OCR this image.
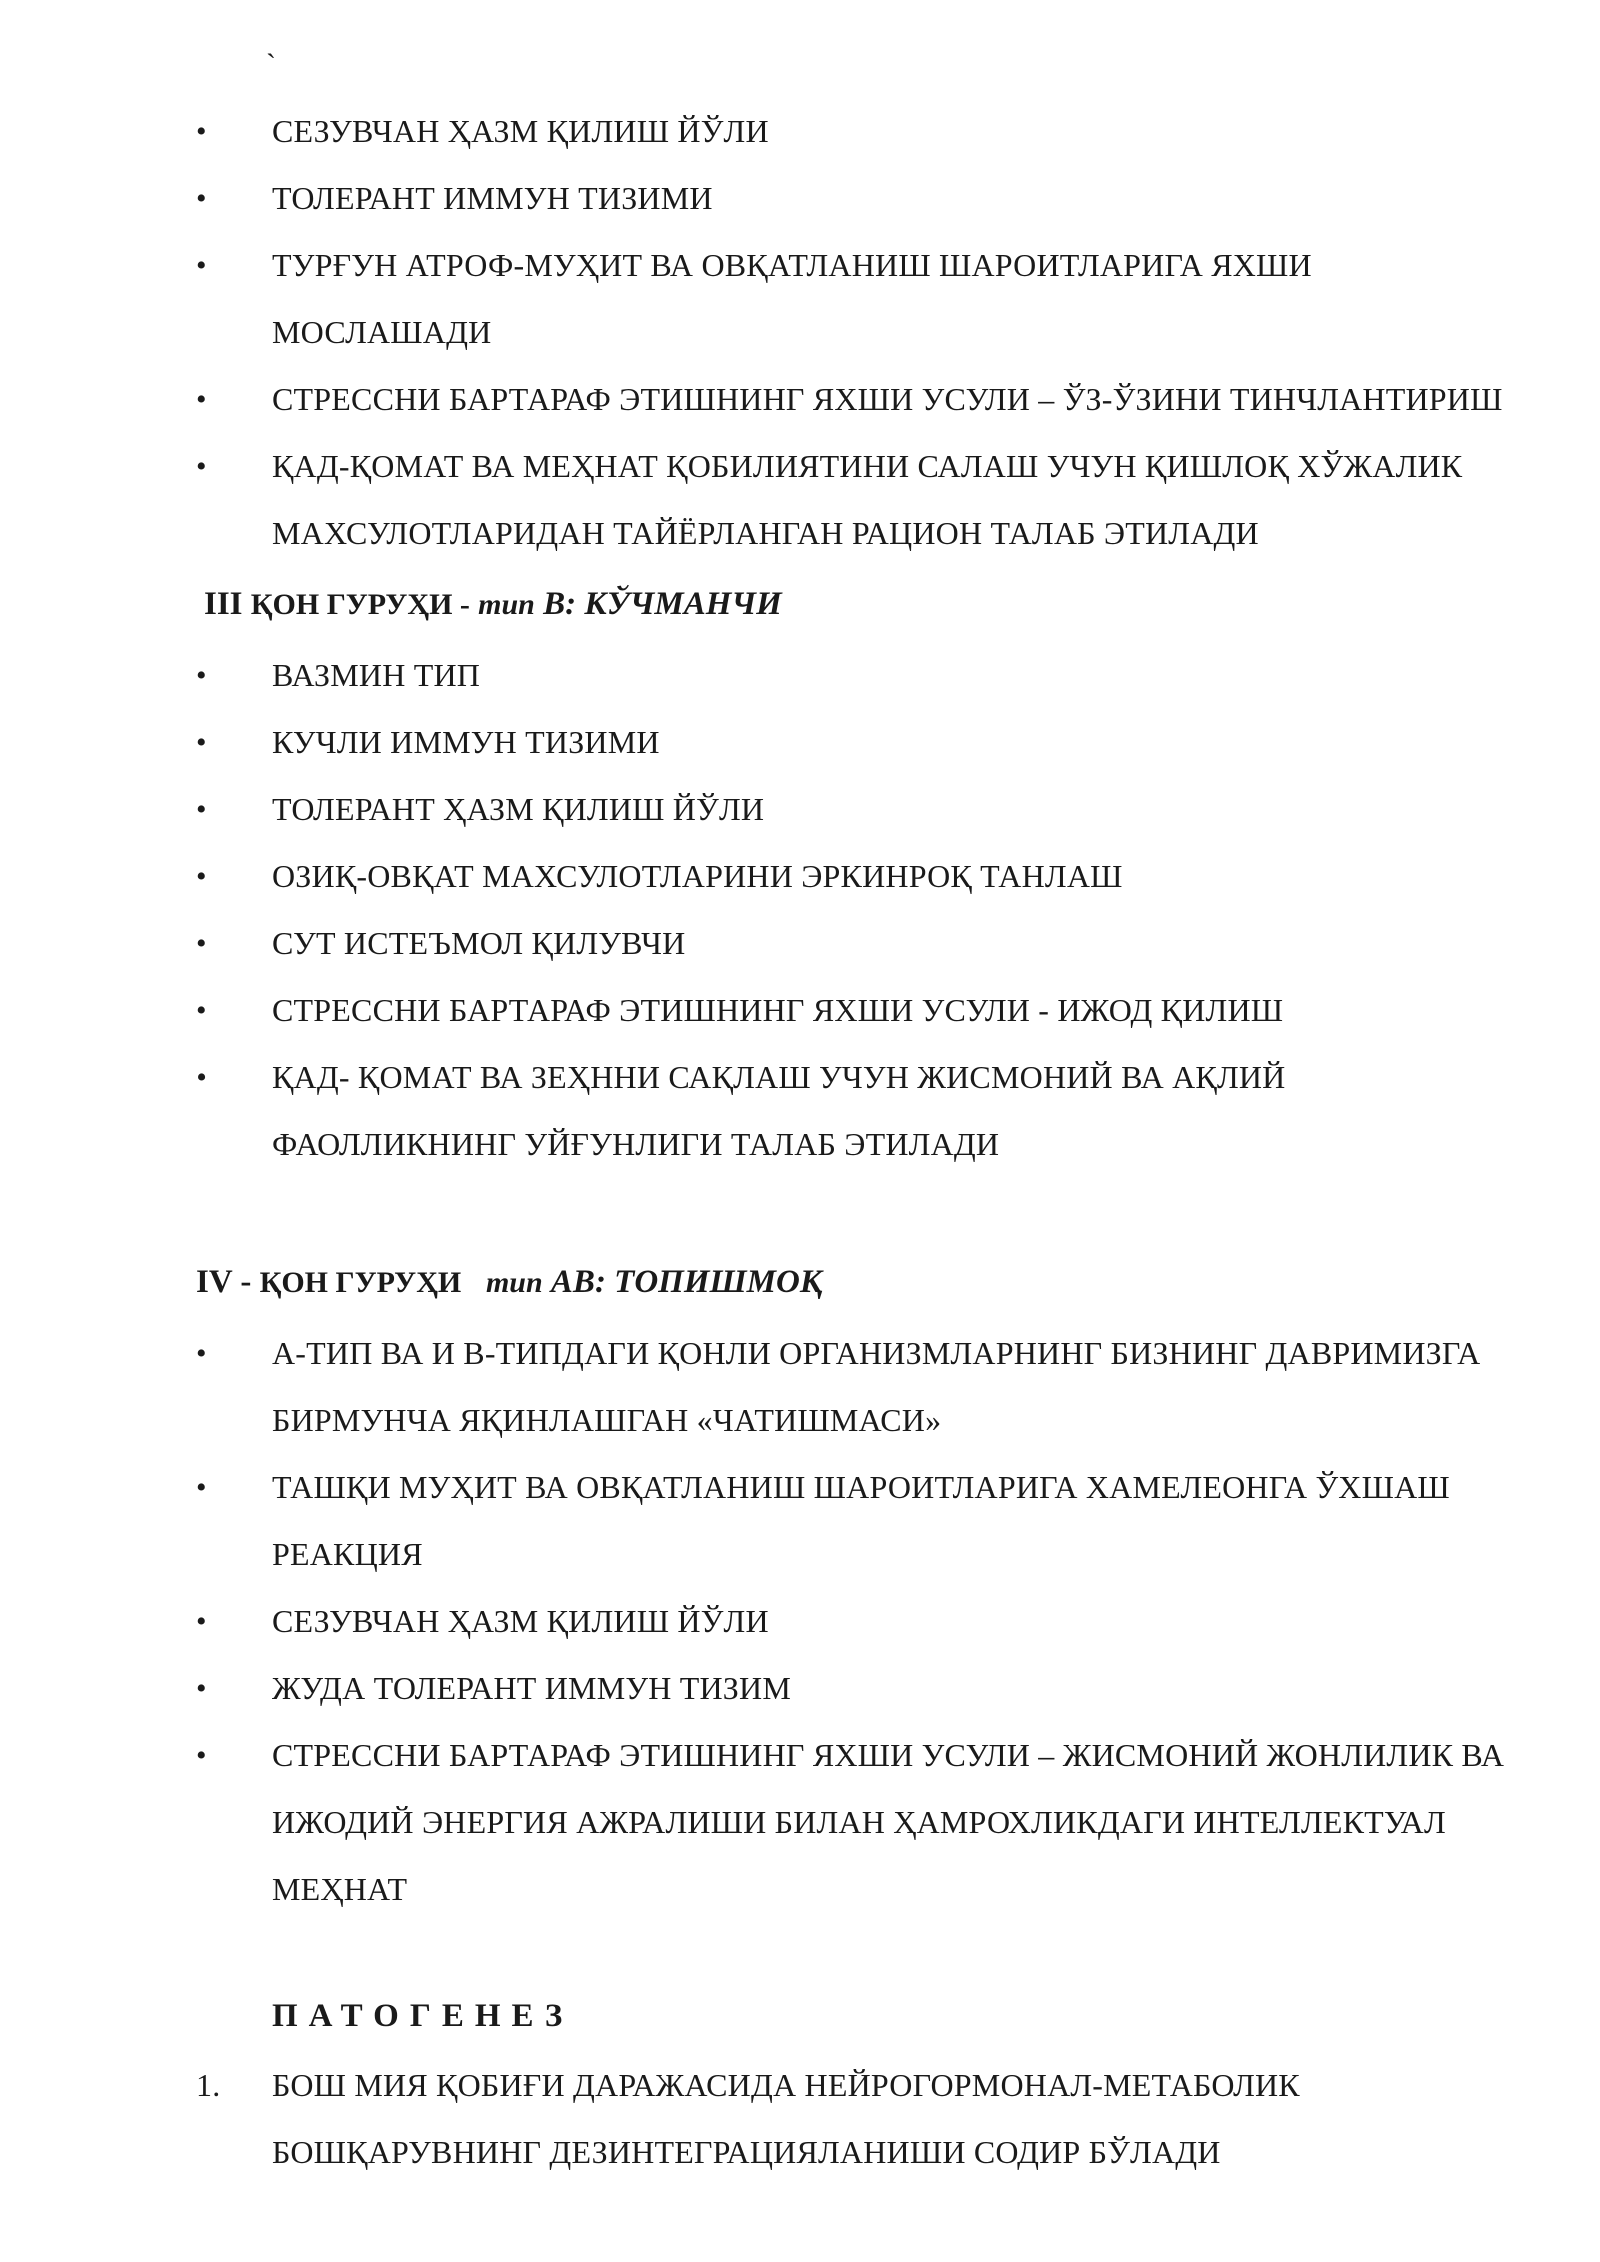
`
• СЕЗУВЧАН ҲАЗМ ҚИЛИШ ЙЎЛИ
• ТОЛЕРАНТ ИММУН ТИЗИМИ
• ТУРҒУН АТРОФ-МУҲИТ ВА ОВҚАТЛАНИШ ШАРОИТЛАРИГА ЯХШИ МОСЛАШАДИ
• СТРЕССНИ БАРТАРАФ ЭТИШНИНГ ЯХШИ УСУЛИ – ЎЗ-ЎЗИНИ ТИНЧЛАНТИРИШ
• ҚАД-ҚОМАТ ВА МЕҲНАТ ҚОБИЛИЯТИНИ САЛАШ УЧУН ҚИШЛОҚ ХЎЖАЛИК МАХСУЛОТЛАРИДАН ТАЙЁРЛАНГАН РАЦИОН ТАЛАБ ЭТИЛАДИ
III ҚОН ГУРУҲИ - тип В: КЎЧМАНЧИ
• ВАЗМИН ТИП
• КУЧЛИ ИММУН ТИЗИМИ
• ТОЛЕРАНТ ҲАЗМ ҚИЛИШ ЙЎЛИ
• ОЗИҚ-ОВҚАТ МАХСУЛОТЛАРИНИ ЭРКИНРОҚ ТАНЛАШ
• СУТ ИСТЕЪМОЛ ҚИЛУВЧИ
• СТРЕССНИ БАРТАРАФ ЭТИШНИНГ ЯХШИ УСУЛИ - ИЖОД ҚИЛИШ
• ҚАД- ҚОМАТ ВА ЗЕҲННИ САҚЛАШ УЧУН ЖИСМОНИЙ ВА АҚЛИЙ ФАОЛЛИКНИНГ УЙҒУНЛИГИ ТАЛАБ ЭТИЛАДИ
IV - ҚОН ГУРУҲИ тип АВ: ТОПИШМОҚ
• А-ТИП ВА И В-ТИПДАГИ ҚОНЛИ ОРГАНИЗМЛАРНИНГ БИЗНИНГ ДАВРИМИЗГА БИРМУНЧА ЯҚИНЛАШГАН «ЧАТИШМАСИ»
• ТАШҚИ МУҲИТ ВА ОВҚАТЛАНИШ ШАРОИТЛАРИГА ХАМЕЛЕОНГА ЎХШАШ РЕАКЦИЯ
• СЕЗУВЧАН ҲАЗМ ҚИЛИШ ЙЎЛИ
• ЖУДА ТОЛЕРАНТ ИММУН ТИЗИМ
• СТРЕССНИ БАРТАРАФ ЭТИШНИНГ ЯХШИ УСУЛИ – ЖИСМОНИЙ ЖОНЛИЛИК ВА ИЖОДИЙ ЭНЕРГИЯ АЖРАЛИШИ БИЛАН ҲАМРОХЛИКДАГИ ИНТЕЛЛЕКТУАЛ МЕҲНАТ
ПАТОГЕНЕЗ
1. БОШ МИЯ ҚОБИҒИ ДАРАЖАСИДА НЕЙРОГОРМОНАЛ-МЕТАБОЛИК БОШҚАРУВНИНГ ДЕЗИНТЕГРАЦИЯЛАНИШИ СОДИР БЎЛАДИ
